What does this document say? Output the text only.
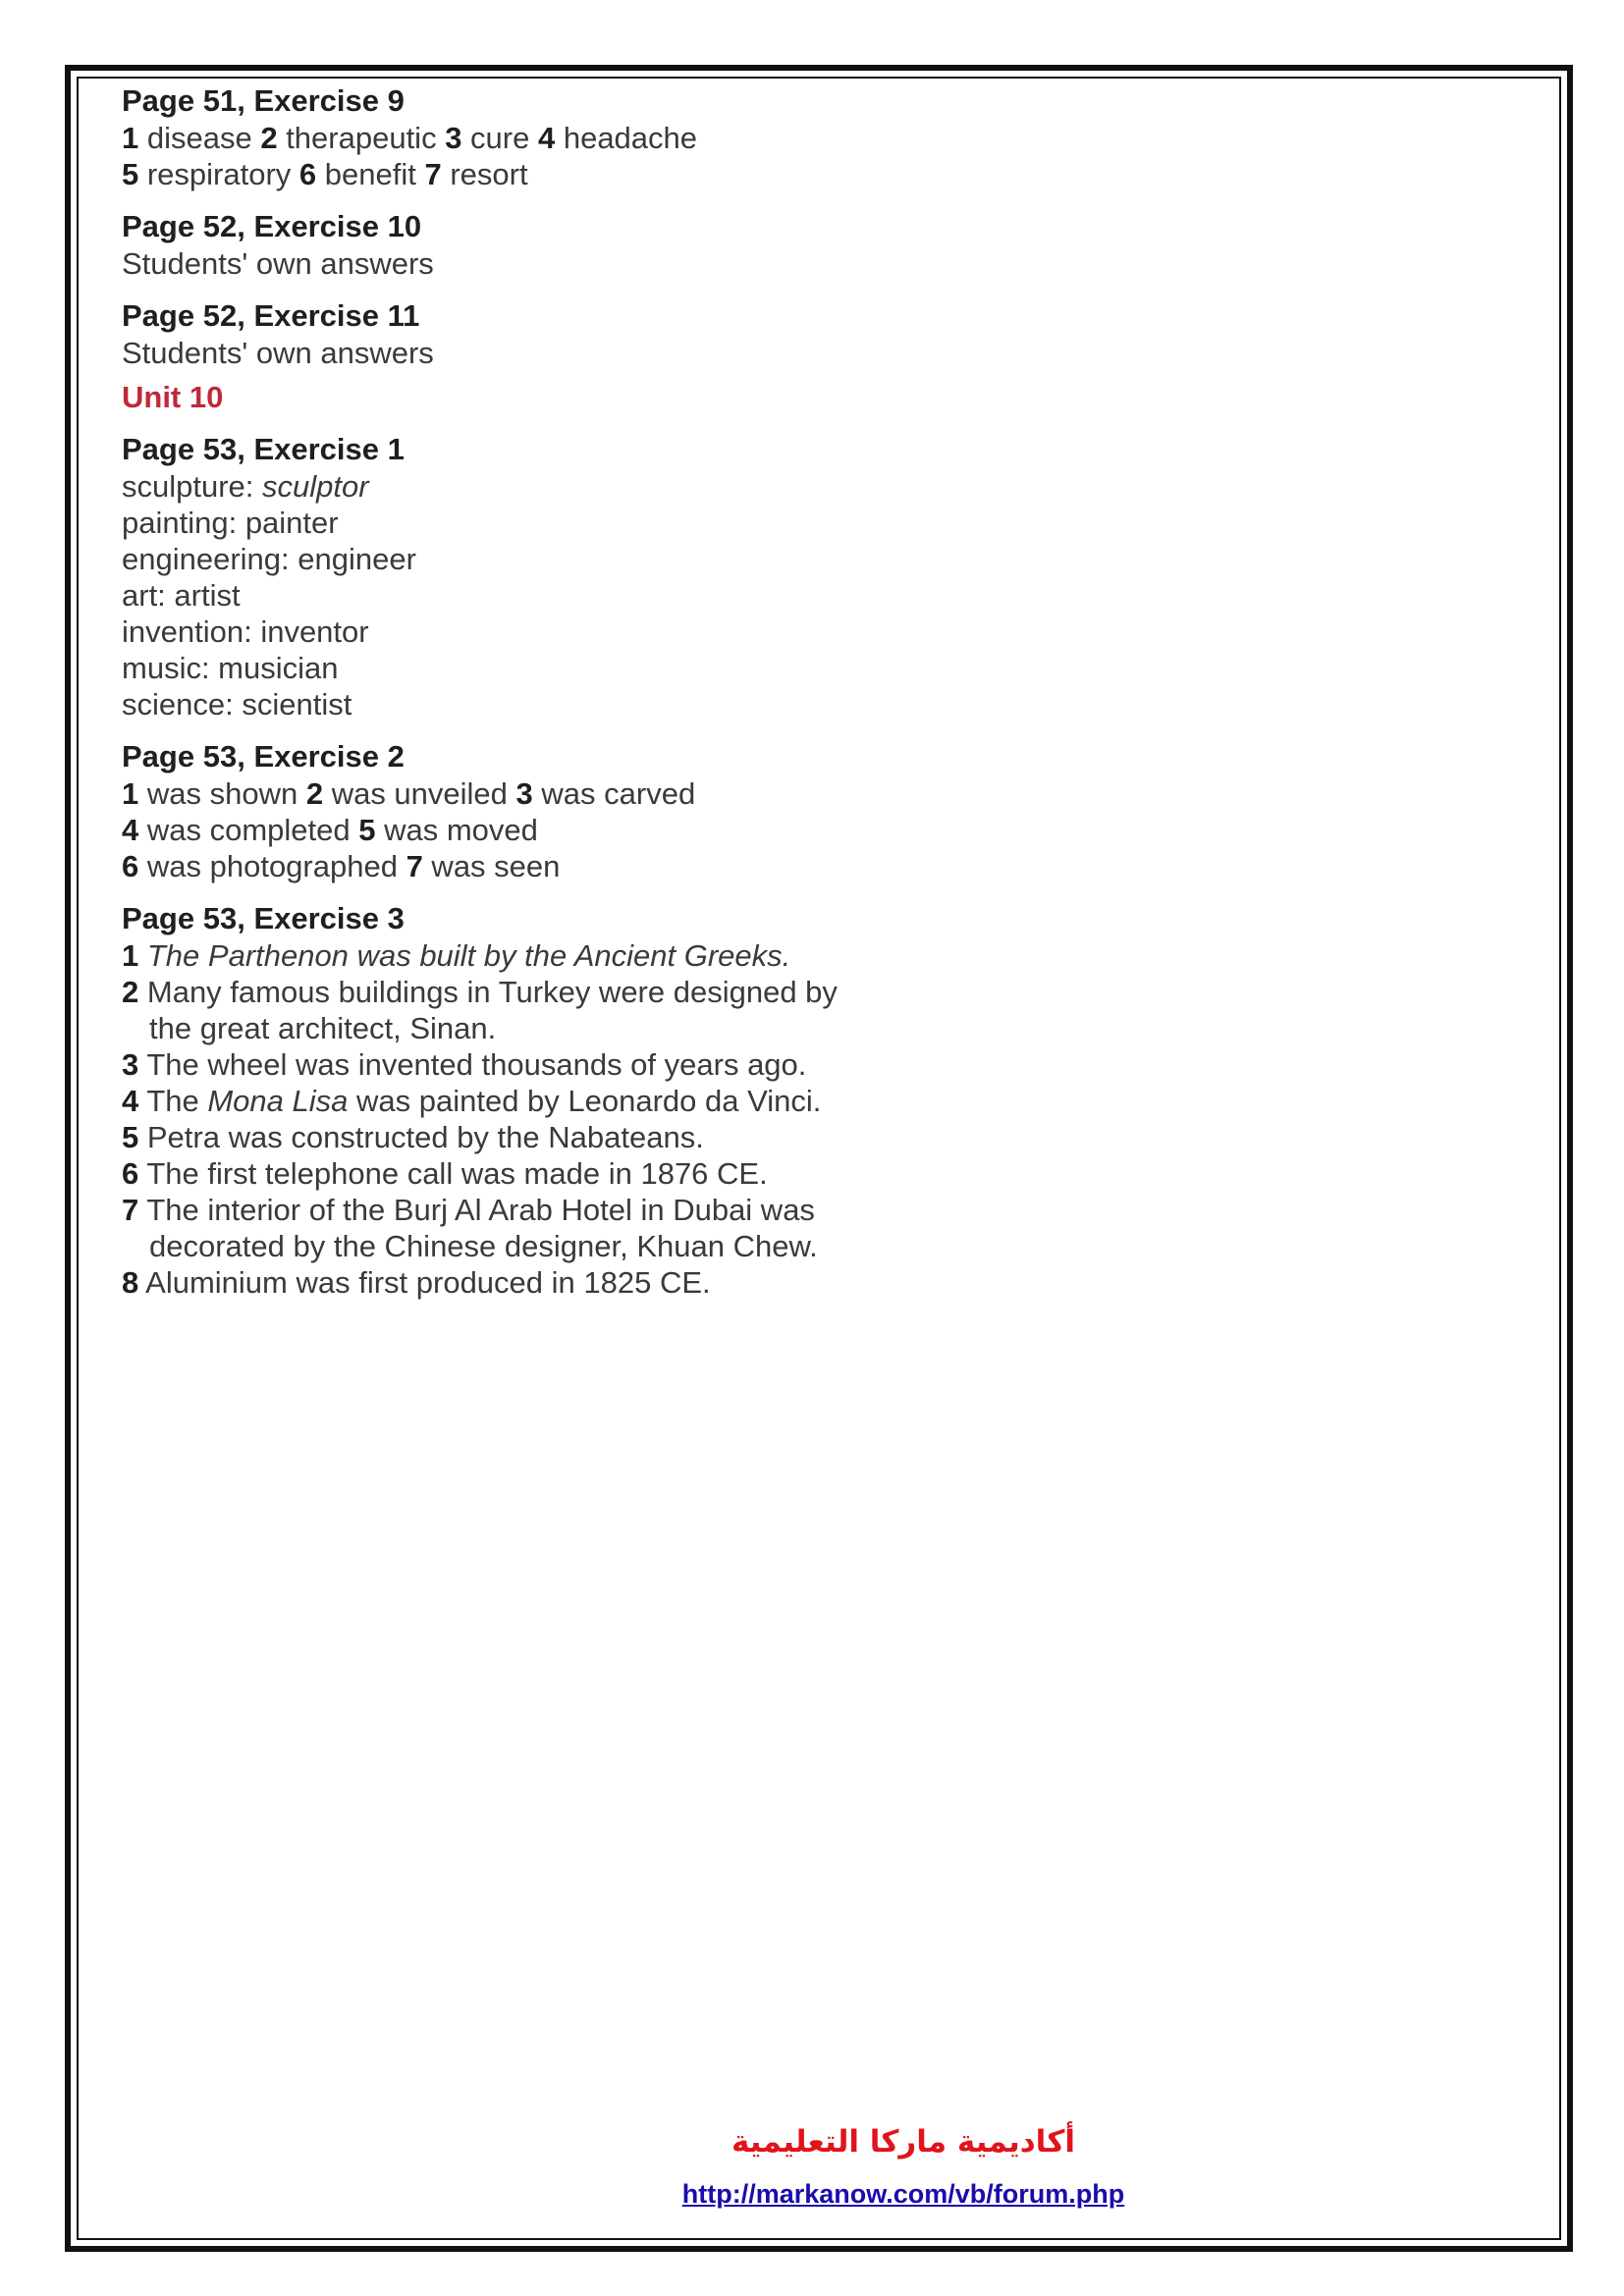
Page 51, Exercise 9
1 disease 2 therapeutic 3 cure 4 headache
5 respiratory 6 benefit 7 resort
Page 52, Exercise 10
Students' own answers
Page 52, Exercise 11
Students' own answers
Unit 10
Page 53, Exercise 1
sculpture: sculptor
painting: painter
engineering: engineer
art: artist
invention: inventor
music: musician
science: scientist
Page 53, Exercise 2
1 was shown 2 was unveiled 3 was carved
4 was completed 5 was moved
6 was photographed 7 was seen
Page 53, Exercise 3
1 The Parthenon was built by the Ancient Greeks.
2 Many famous buildings in Turkey were designed by the great architect, Sinan.
3 The wheel was invented thousands of years ago.
4 The Mona Lisa was painted by Leonardo da Vinci.
5 Petra was constructed by the Nabateans.
6 The first telephone call was made in 1876 CE.
7 The interior of the Burj Al Arab Hotel in Dubai was decorated by the Chinese designer, Khuan Chew.
8 Aluminium was first produced in 1825 CE.
أكاديمية ماركا التعليمية
http://markanow.com/vb/forum.php
